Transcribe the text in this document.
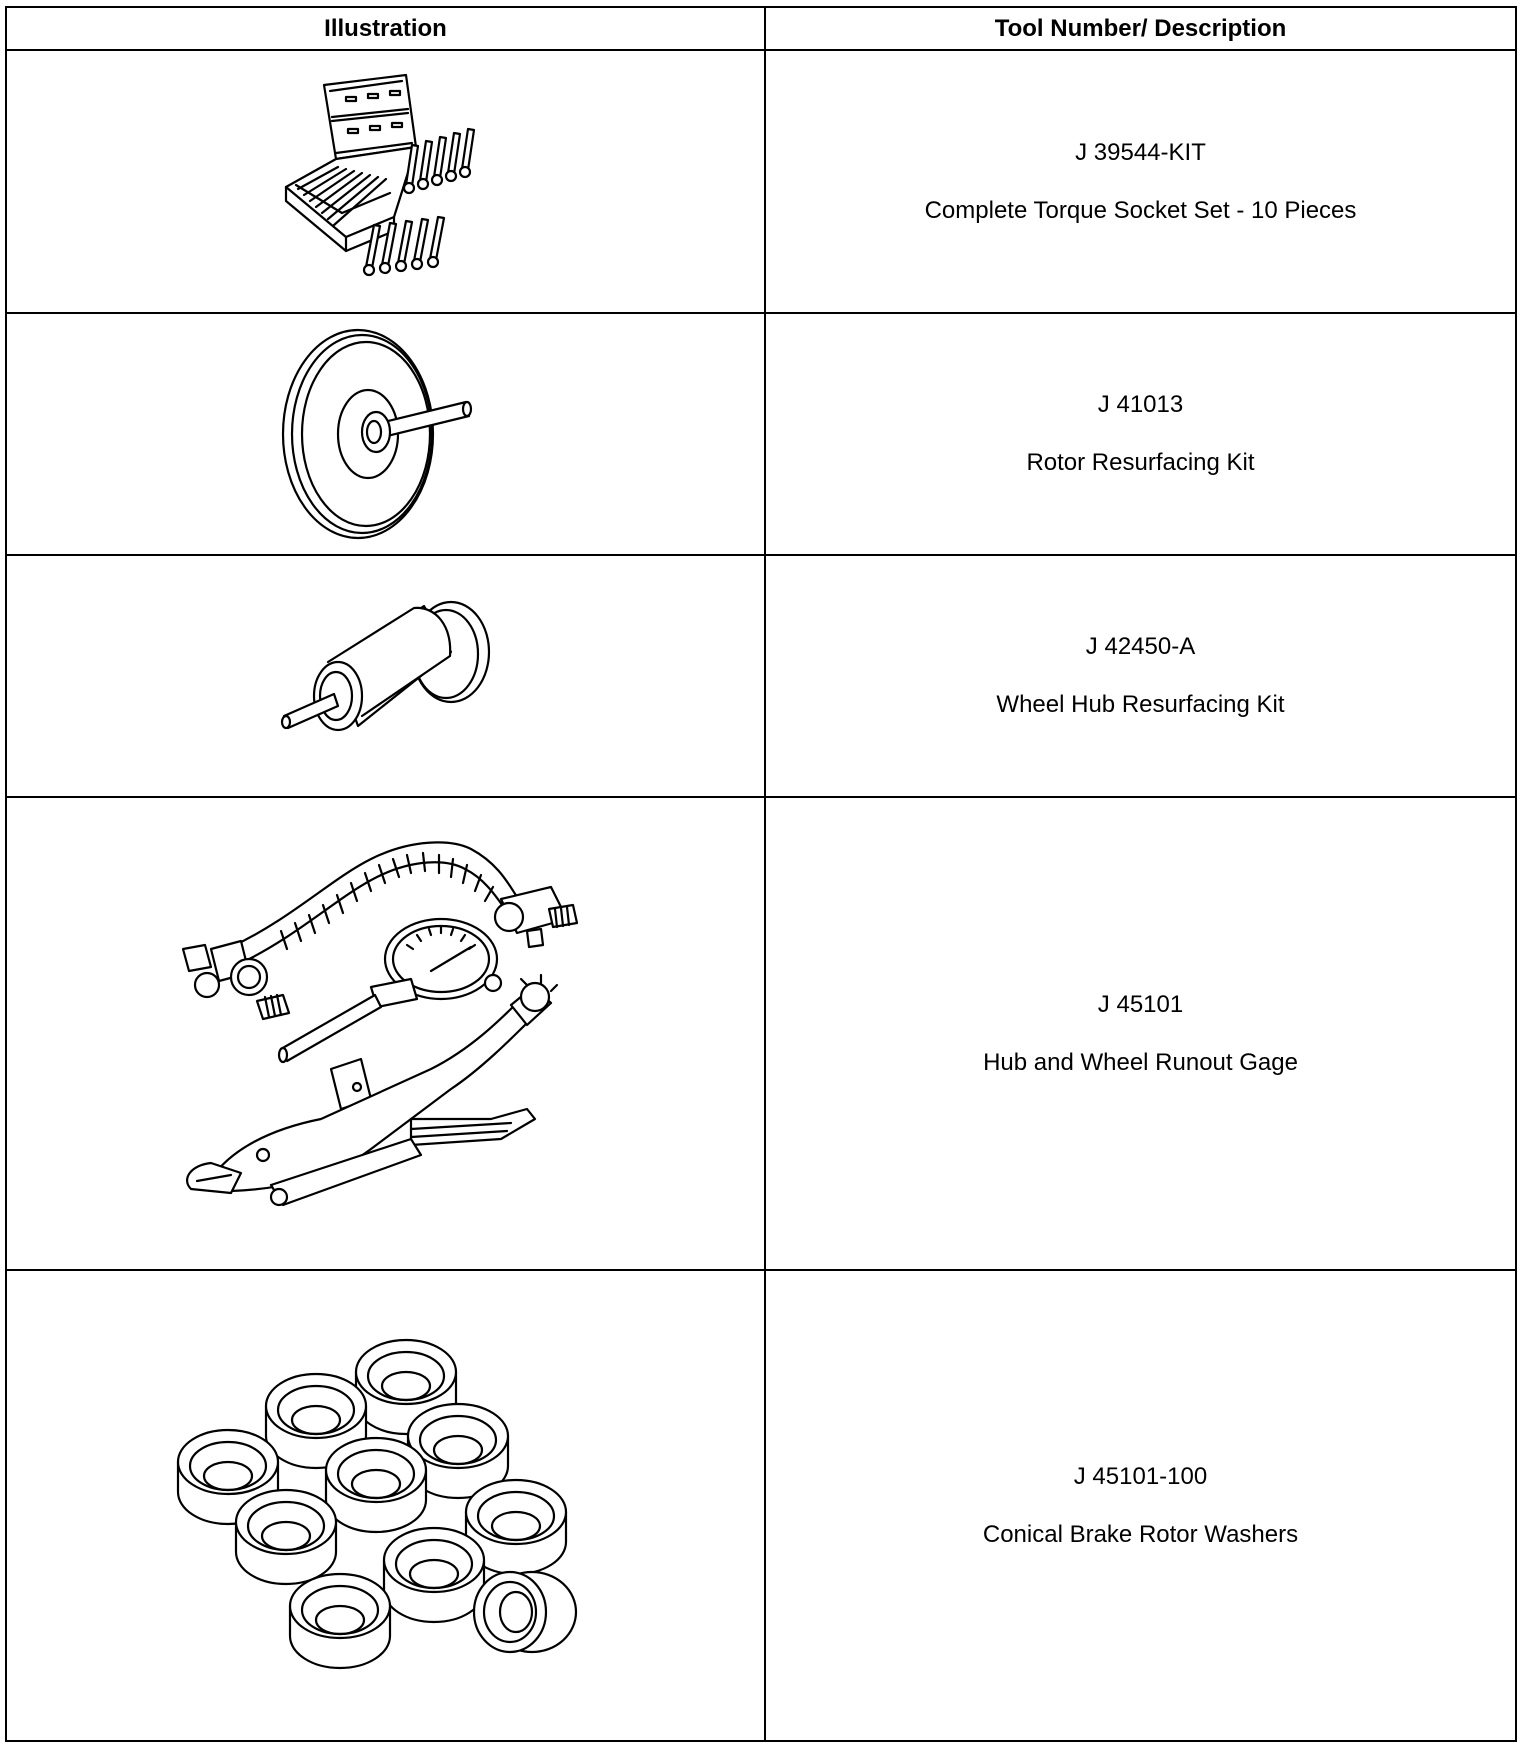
Illustration	Tool Number/ Description

J 39544-KIT
Complete Torque Socket Set - 10 Pieces

J 41013
Rotor Resurfacing Kit

J 42450-A
Wheel Hub Resurfacing Kit

J 45101
Hub and Wheel Runout Gage

J 45101-100
Conical Brake Rotor Washers
